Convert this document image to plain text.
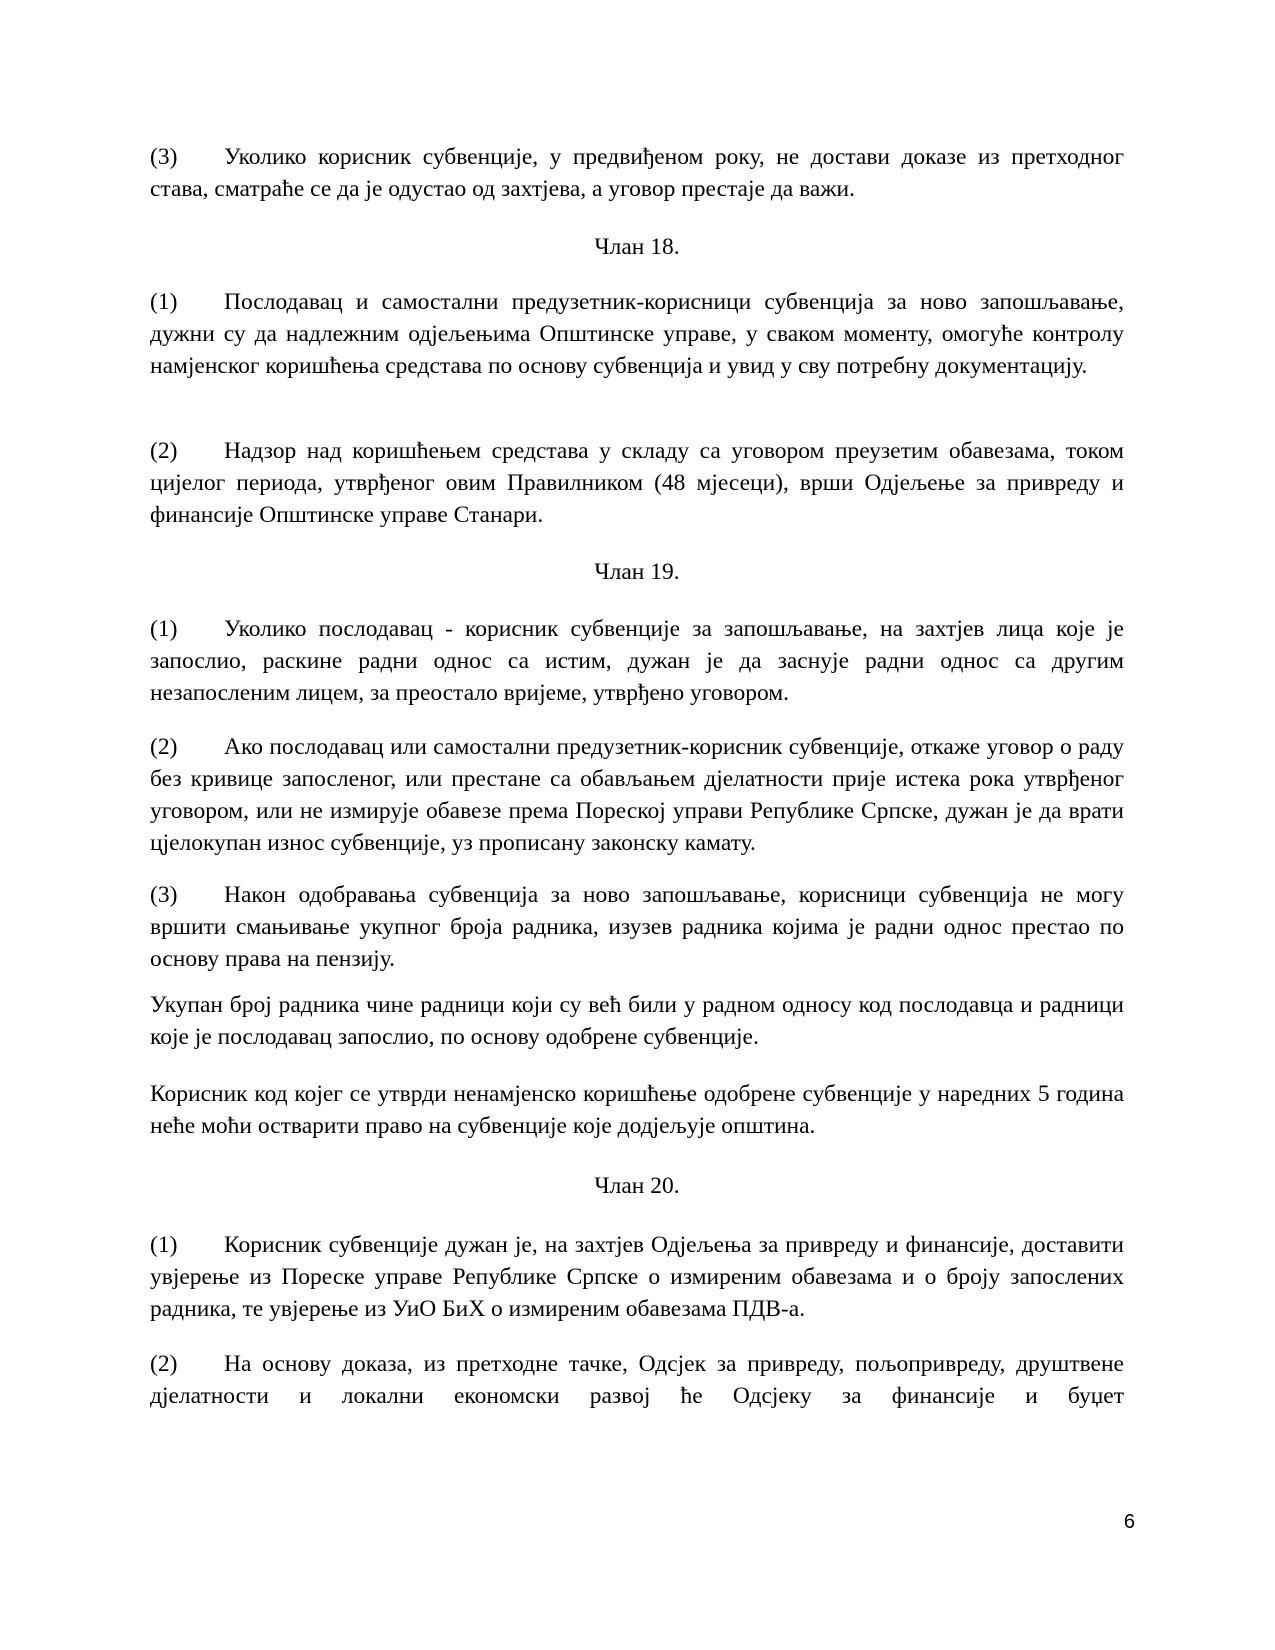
(3) Уколико корисник субвенције, у предвиђеном року, не достави доказе из претходног става, сматраће се да је одустао од захтјева, а уговор престаје да важи.

Члан 18.

(1) Послодавац и самостални предузетник-корисници субвенција за ново запошљавање, дужни су да надлежним одјељењима Општинске управе, у сваком моменту, омогуће контролу намјенског коришћења средстава по основу субвенција и увид у сву потребну документацију.

(2) Надзор над коришћењем средстава у складу са уговором преузетим обавезама, током цијелог периода, утврђеног овим Правилником (48 мјесеци), врши Одјељење за привреду и финансије Општинске управе Станари.

Члан 19.

(1) Уколико послодавац - корисник субвенције за запошљавање, на захтјев лица које је запослио, раскине радни однос са истим, дужан је да заснује радни однос са другим незапосленим лицем, за преостало вријеме, утврђено уговором.

(2) Ако послодавац или самостални предузетник-корисник субвенције, откаже уговор о раду без кривице запосленог, или престане са обављањем дјелатности прије истека рока утврђеног уговором, или не измирује обавезе према Пореској управи Републике Српске, дужан је да врати цјелокупан износ субвенције, уз прописану законску камату.

(3) Након одобравања субвенција за ново запошљавање, корисници субвенција не могу вршити смањивање укупног броја радника, изузев радника којима је радни однос престао по основу права на пензију.

Укупан број радника чине радници који су већ били у радном односу код послодавца и радници које је послодавац запослио, по основу одобрене субвенције.

Корисник код којег се утврди ненамјенско коришћење одобрене субвенције у наредних 5 година неће моћи остварити право на субвенције које додјељује општина.

Члан 20.

(1) Корисник субвенције дужан је, на захтјев Одјељења за привреду и финансије, доставити увјерење из Пореске управе Републике Српске о измиреним обавезама и о броју запослених радника, те увјерење из УиО БиХ о измиреним обавезама ПДВ-а.

(2) На основу доказа, из претходне тачке, Одсјек за привреду, пољопривреду, друштвене дјелатности и локални економски развој ће Одсјеку за финансије и буџет

6
